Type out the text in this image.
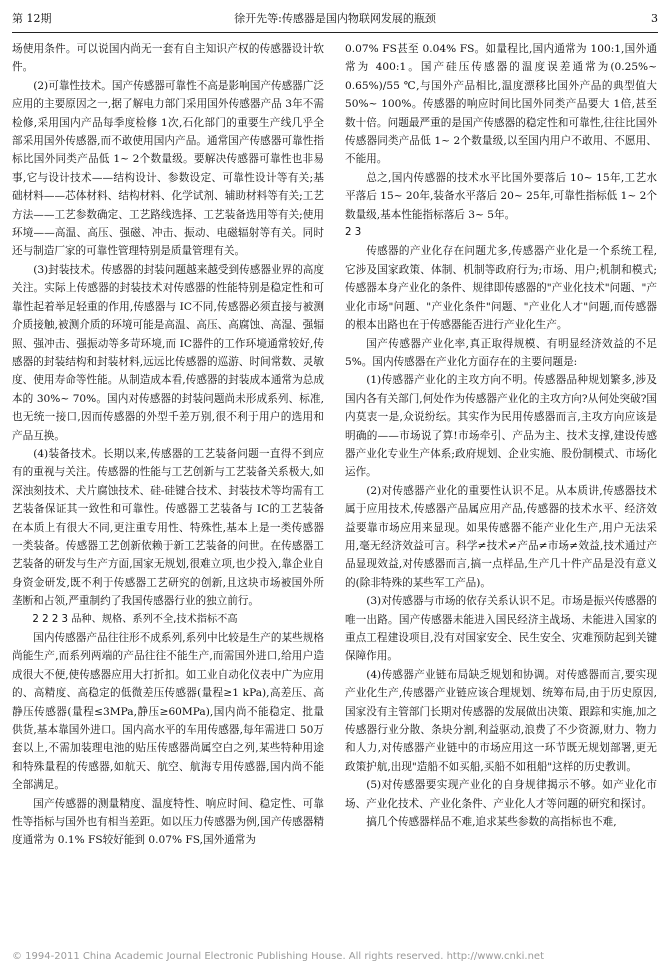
第 12期	徐开先等:传感器是国内物联网发展的瓶颈	3

场使用条件。可以说国内尚无一套有自主知识产权的传感器设计软件。

(2)可靠性技术。国产传感器可靠性不高是影响国产传感器广泛应用的主要原因之一,据了解电力部门采用国外传感器产品 3年不需检修,采用国内产品每季度检修 1次,石化部门的重要生产线几乎全部采用国外传感器,而不敢使用国内产品。通常国产传感器可靠性指标比国外同类产品低 1~ 2个数量级。要解决传感器可靠性也非易事,它与设计技术——结构设计、参数设定、可靠性设计等有关;基础材料——芯体材料、结构材料、化学试剂、辅助材料等有关;工艺方法——工艺参数确定、工艺路线选择、工艺装备选用等有关;使用环境——高温、高压、强磁、冲击、振动、电磁辐射等有关。同时还与制造厂家的可靠性管理特别是质量管理有关。

(3)封装技术。传感器的封装问题越来越受到传感器业界的高度关注。实际上传感器的封装技术对传感器的性能特别是稳定性和可靠性起着举足轻重的作用,传感器与 IC不同,传感器必须直接与被测介质接触,被测介质的环境可能是高温、高压、高腐蚀、高湿、强辐照、强冲击、强振动等多苛环境,而 IC器件的工作环境通常较好,传感器的封装结构和封装材料,远远比传感器的巡游、时间常数、灵敏度、使用寿命等性能。从制造成本看,传感器的封装成本通常为总成本的 30%~ 70%。国内对传感器的封装问题尚未形成系列、标准,也无统一接口,因而传感器的外型千差万别,很不利于用户的选用和产品互换。

(4)装备技术。长期以来,传感器的工艺装备问题一直得不到应有的重视与关注。传感器的性能与工艺创新与工艺装备关系极大,如深浊刻技术、犬片腐蚀技术、硅-硅键合技术、封装技术等均需有工艺装备保证其一致性和可靠性。传感器工艺装备与 IC的工艺装备在本质上有很大不同,更注重专用性、特殊性,基本上是一类传感器一类装备。传感器工艺创新依赖于新工艺装备的问世。在传感器工艺装备的研发与生产方面,国家无规划,很难立项,也少投入,靠企业自身资金研发,既不利于传感器工艺研究的创新,且这块市场被国外所垄断和占领,严重制约了我国传感器行业的独立前行。

2 2 2 3 品种、规格、系列不全,技术指标不高

国内传感器产品往往形不成系列,系列中比较是生产的某些规格尚能生产,而系列两端的产品往往不能生产,而需国外进口,给用户造成很大不便,使传感器应用大打折扣。如工业自动化仪表中广为应用的、高精度、高稳定的低微差压传感器(量程≥1 kPa),高差压、高静压传感器(量程≤3MPa,静压≥60MPa),国内尚不能稳定、批量供货,基本靠国外进口。国内高水平的车用传感器,每年需进口 50万套以上,不需加装理电池的贴压传感器尚属空白之列,某些特种用途和特殊量程的传感器,如航天、航空、航海专用传感器,国内尚不能全部满足。

国产传感器的测量精度、温度特性、响应时间、稳定性、可靠性等指标与国外也有相当差距。如以压力传感器为例,国产传感器精度通常为 0.1% FS较好能到 0.07% FS,国外通常为

0.07% FS甚至 0.04% FS。如量程比,国内通常为 100:1,国外通常为 400:1。国产硅压传感器的温度误差通常为(0.25%~ 0.65%)/55 ℃,与国外产品相比,温度漂移比国外产品的典型值大 50%~ 100%。传感器的响应时间比国外同类产品要大 1倍,甚至数十倍。问题最严重的是国产传感器的稳定性和可靠性,往往比国外传感器同类产品低 1~ 2个数量级,以至国内用户不敢用、不愿用、不能用。

总之,国内传感器的技术水平比国外要落后 10~ 15年,工艺水平落后 15~ 20年,装备水平落后 20~ 25年,可靠性指标低 1~ 2个数量级,基本性能指标落后 3~ 5年。

2 3

传感器的产业化存在问题尤多,传感器产业化是一个系统工程,它涉及国家政策、体制、机制等政府行为;市场、用户;机制和模式;传感器本身产业化的条件、规律即传感器的"产业化技术"问题、"产业化市场"问题、"产业化条件"问题、"产业化人才"问题,而传感器的根本出路也在于传感器能否进行产业化生产。

国产传感器产业化率,真正取得规模、有明显经济效益的不足 5%。国内传感器在产业化方面存在的主要问题是:

(1)传感器产业化的主攻方向不明。传感器品种规划繁多,涉及国内各有关部门,何处作为传感器产业化的主攻方向?从何处突破?国内莫衷一是,众说纷纭。其实作为民用传感器而言,主攻方向应该是明确的——市场说了算!市场牵引、产品为主、技术支撑,建设传感器产业化专业生产体系;政府规划、企业实施、股份制模式、市场化运作。

(2)对传感器产业化的重要性认识不足。从本质讲,传感器技术属于应用技术,传感器产品属应用产品,传感器的技术水平、经济效益要靠市场应用来显现。如果传感器不能产业化生产,用户无法采用,毫无经济效益可言。科学≠技术≠产品≠市场≠效益,技术通过产品显现效益,对传感器而言,搞一点样品,生产几十件产品是没有意义的(除非特殊的某些军工产品)。

(3)对传感器与市场的依存关系认识不足。市场是振兴传感器的唯一出路。国产传感器未能进入国民经济主战场、未能进入国家的重点工程建设项目,没有对国家安全、民生安全、灾难预防起到关键保障作用。

(4)传感器产业链布局缺乏规划和协调。对传感器而言,要实现产业化生产,传感器产业链应该合理规划、统筹布局,由于历史原因,国家没有主管部门长期对传感器的发展做出决策、跟踪和实施,加之传感器行业分散、条块分割,利益驱动,浪费了不少资源,财力、物力和人力,对传感器产业链中的市场应用这一环节既无规划部署,更无政策护航,出现"造船不如买船,买船不如租船"这样的历史教训。

(5)对传感器要实现产业化的自身规律揭示不够。如产业化市场、产业化技术、产业化条件、产业化人才等问题的研究和探讨。

搞几个传感器样品不难,追求某些参数的高指标也不难,

© 1994-2011 China Academic Journal Electronic Publishing House. All rights reserved. http://www.cnki.net
